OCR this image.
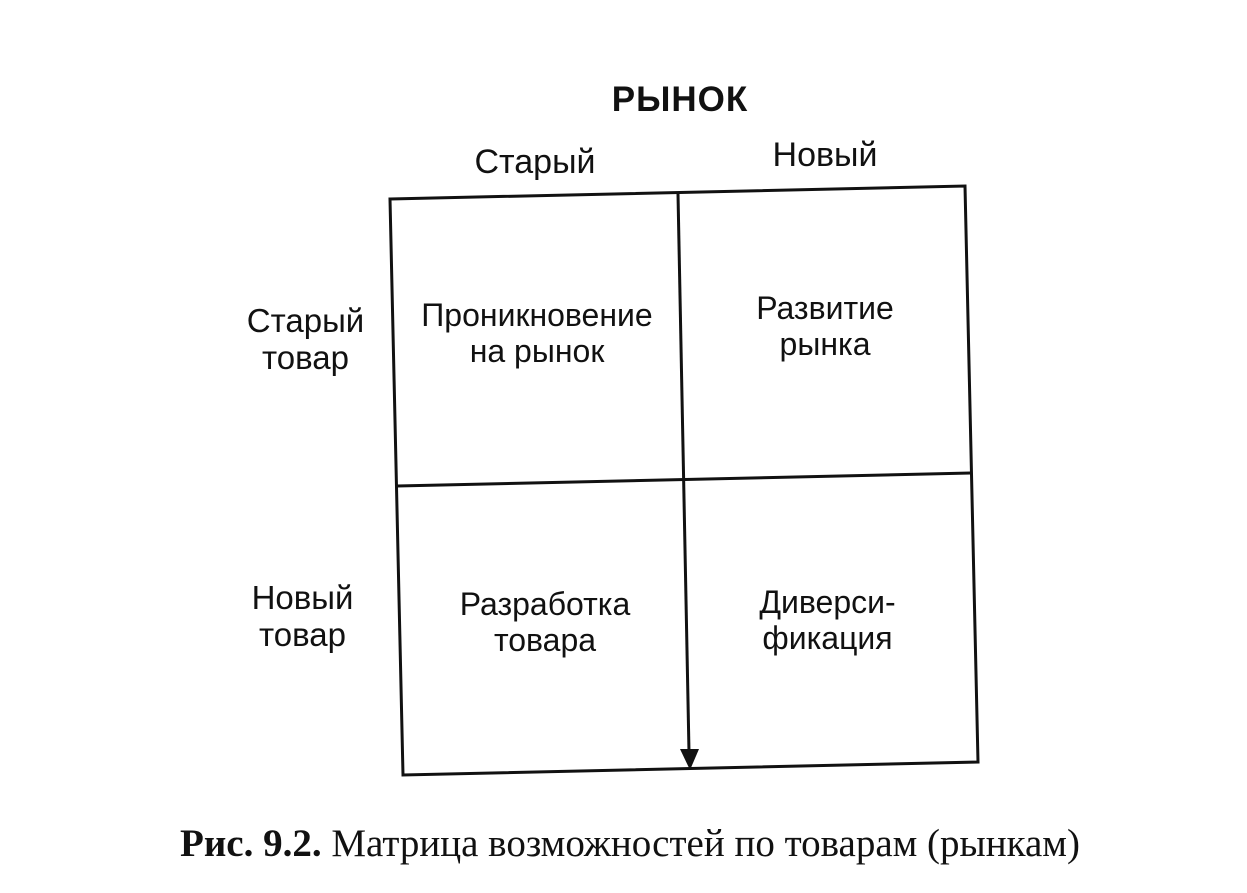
РЫНОК
Старый	Новый
Старый
товар
Новый
товар
Проникновение
на рынок
Развитие
рынка
Разработка
товара
Диверси-
фикация
Рис. 9.2. Матрица возможностей по товарам (рынкам)
